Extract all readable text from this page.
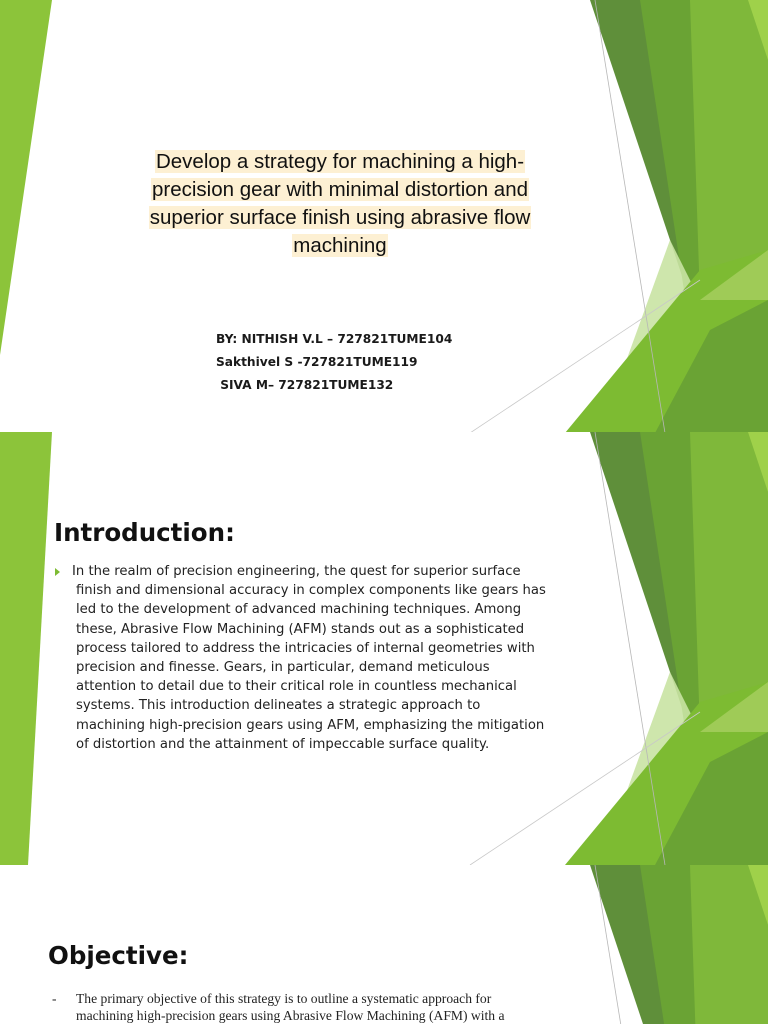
Develop a strategy for machining a high-
precision gear with minimal distortion and
superior surface finish using abrasive flow
machining
BY: NITHISH V.L – 727821TUME104
Sakthivel S -727821TUME119
SIVA M– 727821TUME132
Introduction:
In the realm of precision engineering, the quest for superior surface
finish and dimensional accuracy in complex components like gears has
led to the development of advanced machining techniques. Among
these, Abrasive Flow Machining (AFM) stands out as a sophisticated
process tailored to address the intricacies of internal geometries with
precision and finesse. Gears, in particular, demand meticulous
attention to detail due to their critical role in countless mechanical
systems. This introduction delineates a strategic approach to
machining high-precision gears using AFM, emphasizing the mitigation
of distortion and the attainment of impeccable surface quality.
Objective:
- The primary objective of this strategy is to outline a systematic approach for
machining high-precision gears using Abrasive Flow Machining (AFM) with a
